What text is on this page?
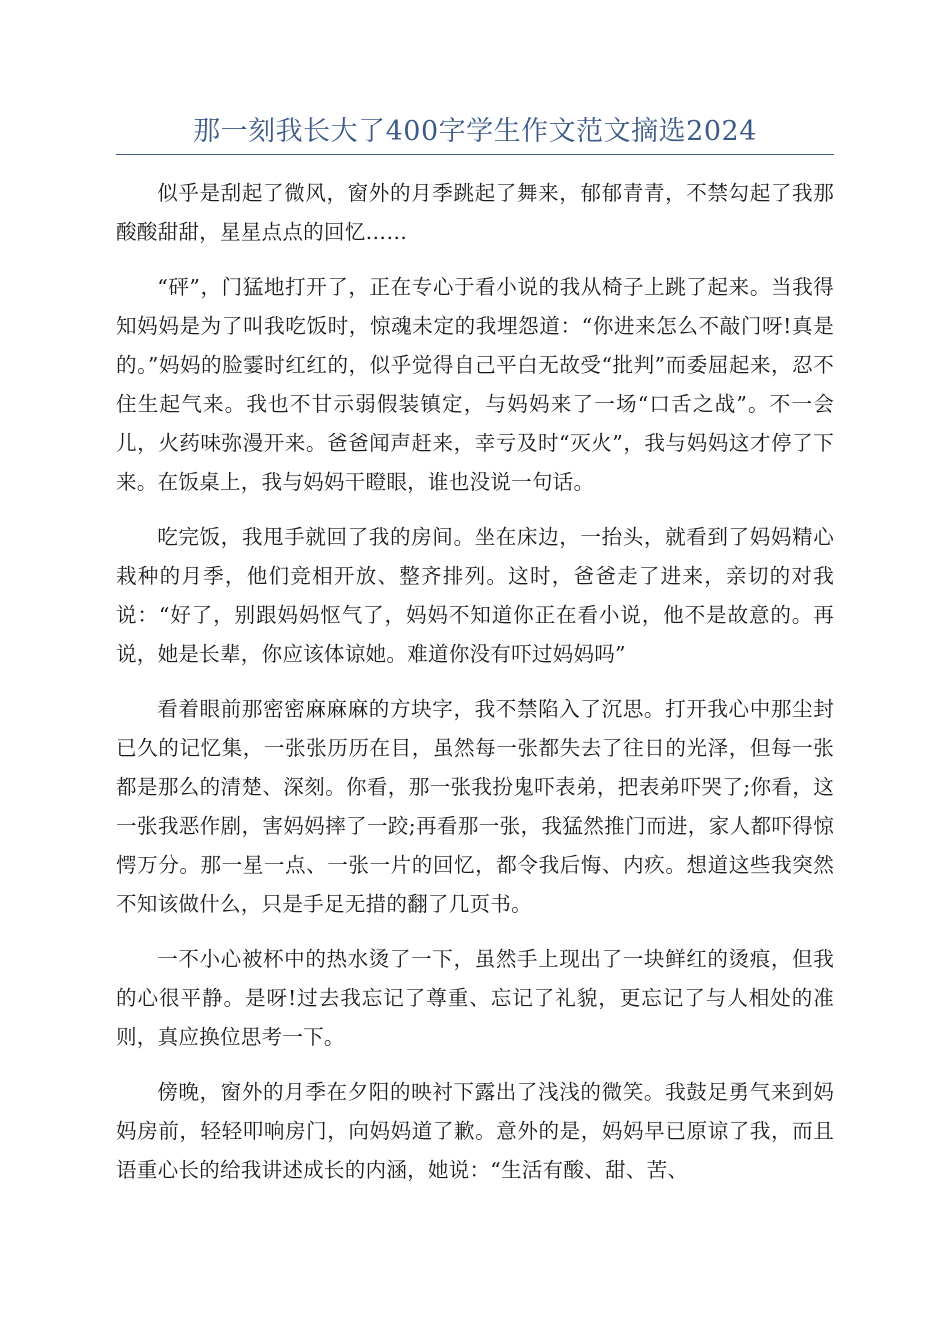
那一刻我长大了400字学生作文范文摘选2024

似乎是刮起了微风，窗外的月季跳起了舞来，郁郁青青，不禁勾起了我那酸酸甜甜，星星点点的回忆……

“砰”，门猛地打开了，正在专心于看小说的我从椅子上跳了起来。当我得知妈妈是为了叫我吃饭时，惊魂未定的我埋怨道：“你进来怎么不敲门呀!真是的。”妈妈的脸霎时红红的，似乎觉得自己平白无故受“批判”而委屈起来，忍不住生起气来。我也不甘示弱假装镇定，与妈妈来了一场“口舌之战”。不一会儿，火药味弥漫开来。爸爸闻声赶来，幸亏及时“灭火”，我与妈妈这才停了下来。在饭桌上，我与妈妈干瞪眼，谁也没说一句话。

吃完饭，我甩手就回了我的房间。坐在床边，一抬头，就看到了妈妈精心栽种的月季，他们竞相开放、整齐排列。这时，爸爸走了进来，亲切的对我说：“好了，别跟妈妈怄气了，妈妈不知道你正在看小说，他不是故意的。再说，她是长辈，你应该体谅她。难道你没有吓过妈妈吗”

看着眼前那密密麻麻麻的方块字，我不禁陷入了沉思。打开我心中那尘封已久的记忆集，一张张历历在目，虽然每一张都失去了往日的光泽，但每一张都是那么的清楚、深刻。你看，那一张我扮鬼吓表弟，把表弟吓哭了;你看，这一张我恶作剧，害妈妈摔了一跤;再看那一张，我猛然推门而进，家人都吓得惊愕万分。那一星一点、一张一片的回忆，都令我后悔、内疚。想道这些我突然不知该做什么，只是手足无措的翻了几页书。

一不小心被杯中的热水烫了一下，虽然手上现出了一块鲜红的烫痕，但我的心很平静。是呀!过去我忘记了尊重、忘记了礼貌，更忘记了与人相处的准则，真应换位思考一下。

傍晚，窗外的月季在夕阳的映衬下露出了浅浅的微笑。我鼓足勇气来到妈妈房前，轻轻叩响房门，向妈妈道了歉。意外的是，妈妈早已原谅了我，而且语重心长的给我讲述成长的内涵，她说：“生活有酸、甜、苦、
